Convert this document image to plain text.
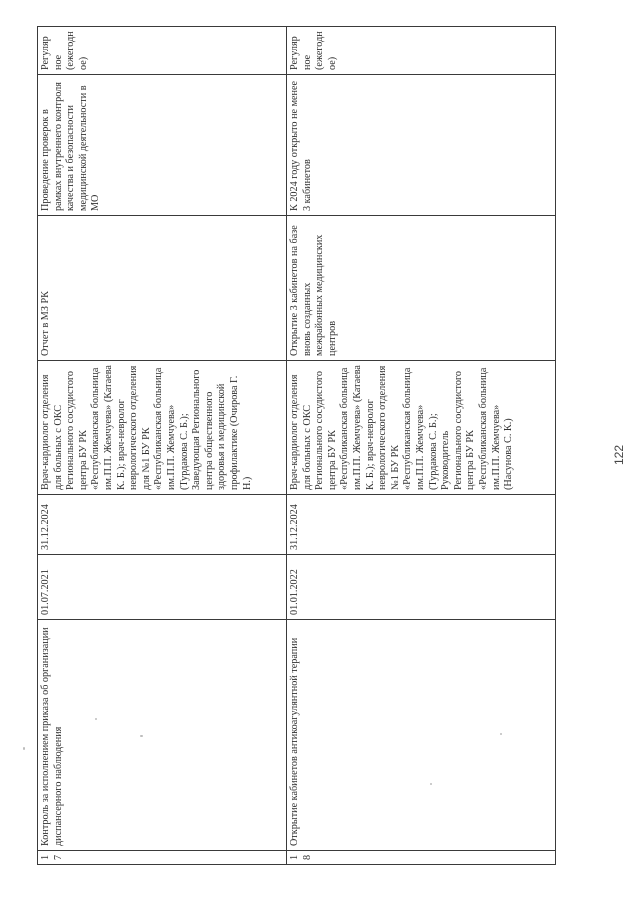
17	Контроль за исполнением приказа об организации диспансерного наблюдения	01.07.2021	31.12.2024	Врач-кардиолог отделения для больных с ОКС Регионального сосудистого центра БУ РК «Республиканская больница им.П.П. Жемчуева» (Катаева К. Б.); врач-невролог неврологического отделения для №1 БУ РК «Республиканская больница им.П.П. Жемчуева» (Турдакова С. Б.); Заведующая Регионального центра общественного здоровья и медицинской профилактике (Очирова Г. Н.)	Отчет в МЗ РК	Проведение проверок в рамках внутреннего контроля качества и безопасности медицинской деятельности в МО	Регулярное (ежегодное)
18	Открытие кабинетов антикоагулянтной терапии	01.01.2022	31.12.2024	Врач-кардиолог отделения для больных с ОКС Регионального сосудистого центра БУ РК «Республиканская больница им.П.П. Жемчуева» (Катаева К. Б.); врач-невролог неврологического отделения №1 БУ РК «Республиканская больница им.П.П. Жемчуева» (Турдакова С. Б.); Руководитель Регионального сосудистого центра БУ РК «Республиканская больница им.П.П. Жемчуева» (Насунова С. К.)	Открытие 3 кабинетов на базе вновь созданных межрайонных медицинских центров	К 2024 году открыто не менее 3 кабинетов	Регулярное (ежегодное)
122
